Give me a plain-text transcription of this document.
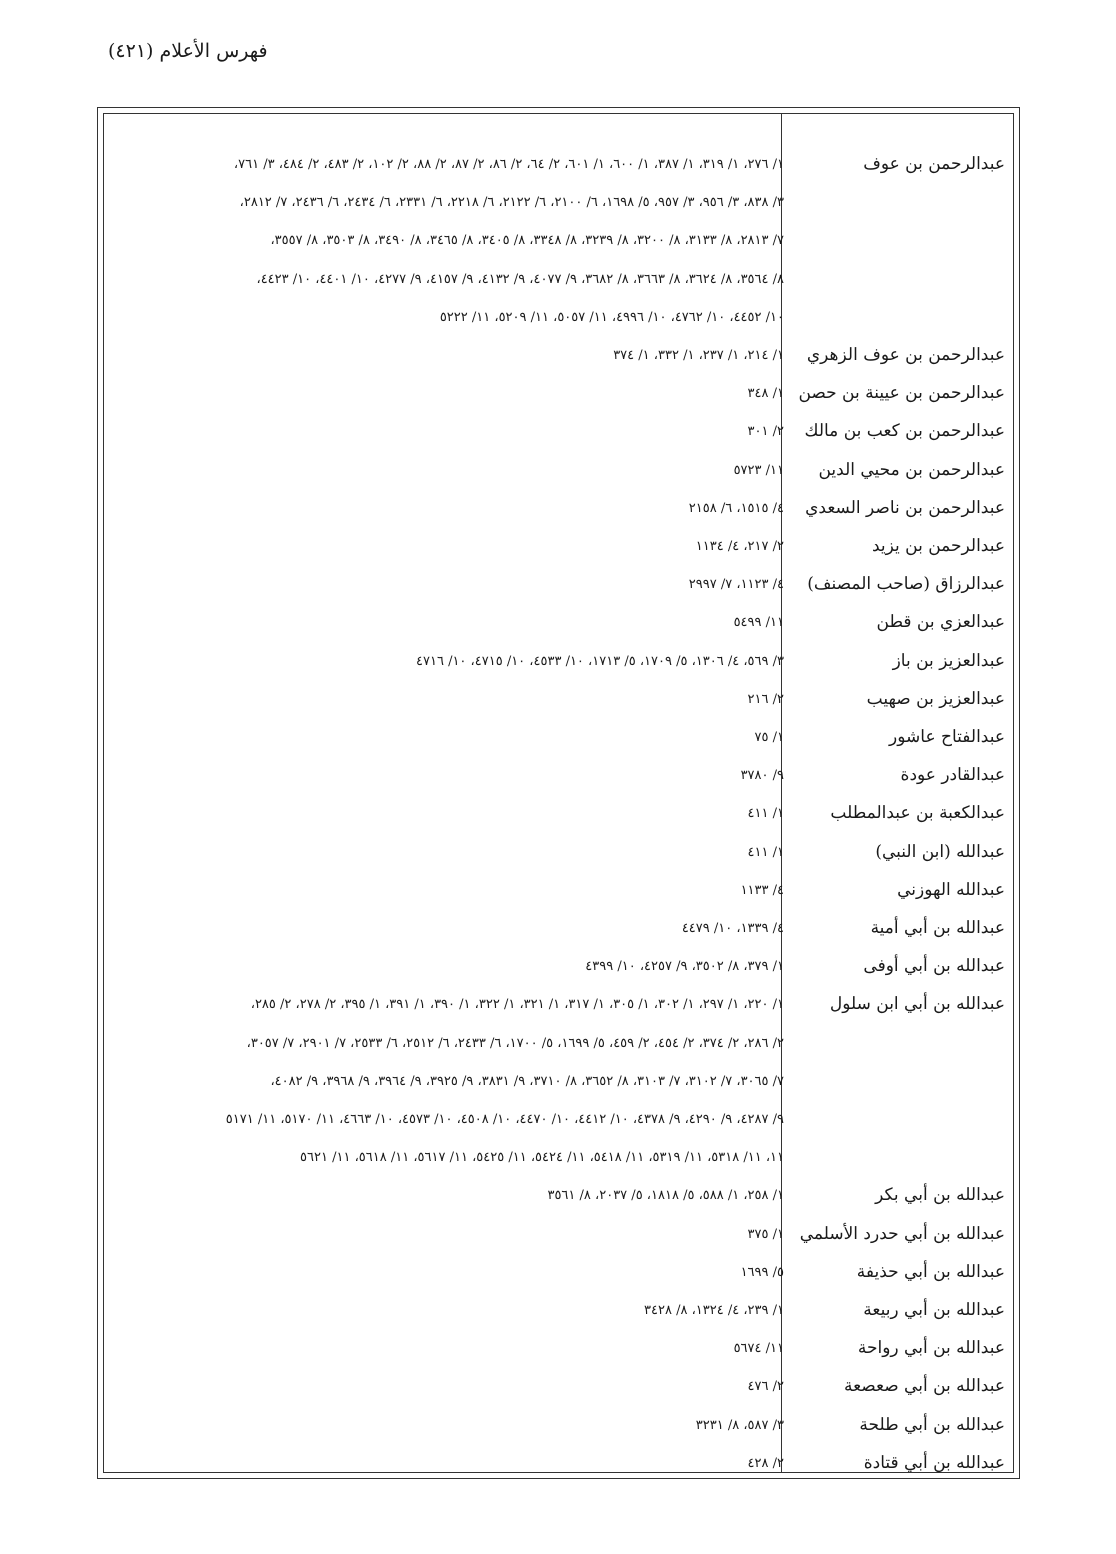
فهرس الأعلام (٤٢١)
عبدالرحمن بن عوف
١/ ٢٧٦، ١/ ٣١٩، ١/ ٣٨٧، ١/ ٦٠٠، ١/ ٦٠١، ٢/ ٦٤، ٢/ ٨٦، ٢/ ٨٧، ٢/ ٨٨، ٢/ ١٠٢، ٢/ ٤٨٣، ٢/ ٤٨٤، ٣/ ٧٦١،
٣/ ٨٣٨، ٣/ ٩٥٦، ٣/ ٩٥٧، ٥/ ١٦٩٨، ٦/ ٢١٠٠، ٦/ ٢١٢٢، ٦/ ٢٢١٨، ٦/ ٢٣٣١، ٦/ ٢٤٣٤، ٦/ ٢٤٣٦، ٧/ ٢٨١٢،
٧/ ٢٨١٣، ٨/ ٣١٣٣، ٨/ ٣٢٠٠، ٨/ ٣٢٣٩، ٨/ ٣٣٤٨، ٨/ ٣٤٠٥، ٨/ ٣٤٦٥، ٨/ ٣٤٩٠، ٨/ ٣٥٠٣، ٨/ ٣٥٥٧،
٨/ ٣٥٦٤، ٨/ ٣٦٢٤، ٨/ ٣٦٦٣، ٨/ ٣٦٨٢، ٩/ ٤٠٧٧، ٩/ ٤١٣٢، ٩/ ٤١٥٧، ٩/ ٤٢٧٧، ١٠/ ٤٤٠١، ١٠/ ٤٤٢٣،
١٠/ ٤٤٥٢، ١٠/ ٤٧٦٢، ١٠/ ٤٩٩٦، ١١/ ٥٠٥٧، ١١/ ٥٢٠٩، ١١/ ٥٢٢٢
عبدالرحمن بن عوف الزهري
١/ ٢١٤، ١/ ٢٣٧، ١/ ٣٣٢، ١/ ٣٧٤
عبدالرحمن بن عيينة بن حصن
١/ ٣٤٨
عبدالرحمن بن كعب بن مالك
٢/ ٣٠١
عبدالرحمن بن محيي الدين
١١/ ٥٧٢٣
عبدالرحمن بن ناصر السعدي
٤/ ١٥١٥، ٦/ ٢١٥٨
عبدالرحمن بن يزيد
٢/ ٢١٧، ٤/ ١١٣٤
عبدالرزاق (صاحب المصنف)
٤/ ١١٢٣، ٧/ ٢٩٩٧
عبدالعزي بن قطن
١١/ ٥٤٩٩
عبدالعزيز بن باز
٣/ ٥٦٩، ٤/ ١٣٠٦، ٥/ ١٧٠٩، ٥/ ١٧١٣، ١٠/ ٤٥٣٣، ١٠/ ٤٧١٥، ١٠/ ٤٧١٦
عبدالعزيز بن صهيب
٢/ ٢١٦
عبدالفتاح عاشور
١/ ٧٥
عبدالقادر عودة
٩/ ٣٧٨٠
عبدالكعبة بن عبدالمطلب
١/ ٤١١
عبدالله (ابن النبي)
١/ ٤١١
عبدالله الهوزني
٤/ ١١٣٣
عبدالله بن أبي أمية
٤/ ١٣٣٩، ١٠/ ٤٤٧٩
عبدالله بن أبي أوفى
١/ ٣٧٩، ٨/ ٣٥٠٢، ٩/ ٤٢٥٧، ١٠/ ٤٣٩٩
عبدالله بن أبي ابن سلول
١/ ٢٢٠، ١/ ٢٩٧، ١/ ٣٠٢، ١/ ٣٠٥، ١/ ٣١٧، ١/ ٣٢١، ١/ ٣٢٢، ١/ ٣٩٠، ١/ ٣٩١، ١/ ٣٩٥، ٢/ ٢٧٨، ٢/ ٢٨٥،
٢/ ٢٨٦، ٢/ ٣٧٤، ٢/ ٤٥٤، ٢/ ٤٥٩، ٥/ ١٦٩٩، ٥/ ١٧٠٠، ٦/ ٢٤٣٣، ٦/ ٢٥١٢، ٦/ ٢٥٣٣، ٧/ ٢٩٠١، ٧/ ٣٠٥٧،
٧/ ٣٠٦٥، ٧/ ٣١٠٢، ٧/ ٣١٠٣، ٨/ ٣٦٥٢، ٨/ ٣٧١٠، ٩/ ٣٨٣١، ٩/ ٣٩٢٥، ٩/ ٣٩٦٤، ٩/ ٣٩٦٨، ٩/ ٤٠٨٢،
٩/ ٤٢٨٧، ٩/ ٤٢٩٠، ٩/ ٤٣٧٨، ١٠/ ٤٤١٢، ١٠/ ٤٤٧٠، ١٠/ ٤٥٠٨، ١٠/ ٤٥٧٣، ١٠/ ٤٦٦٣، ١١/ ٥١٧٠، ١١/ ٥١٧١
١١، ١١/ ٥٣١٨، ١١/ ٥٣١٩، ١١/ ٥٤١٨، ١١/ ٥٤٢٤، ١١/ ٥٤٢٥، ١١/ ٥٦١٧، ١١/ ٥٦١٨، ١١/ ٥٦٢١
عبدالله بن أبي بكر
١/ ٢٥٨، ١/ ٥٨٨، ٥/ ١٨١٨، ٥/ ٢٠٣٧، ٨/ ٣٥٦١
عبدالله بن أبي حدرد الأسلمي
١/ ٣٧٥
عبدالله بن أبي حذيفة
٥/ ١٦٩٩
عبدالله بن أبي ربيعة
١/ ٢٣٩، ٤/ ١٣٢٤، ٨/ ٣٤٢٨
عبدالله بن أبي رواحة
١١/ ٥٦٧٤
عبدالله بن أبي صعصعة
٢/ ٤٧٦
عبدالله بن أبي طلحة
٣/ ٥٨٧، ٨/ ٣٢٣١
عبدالله بن أبي قتادة
٢/ ٤٢٨
